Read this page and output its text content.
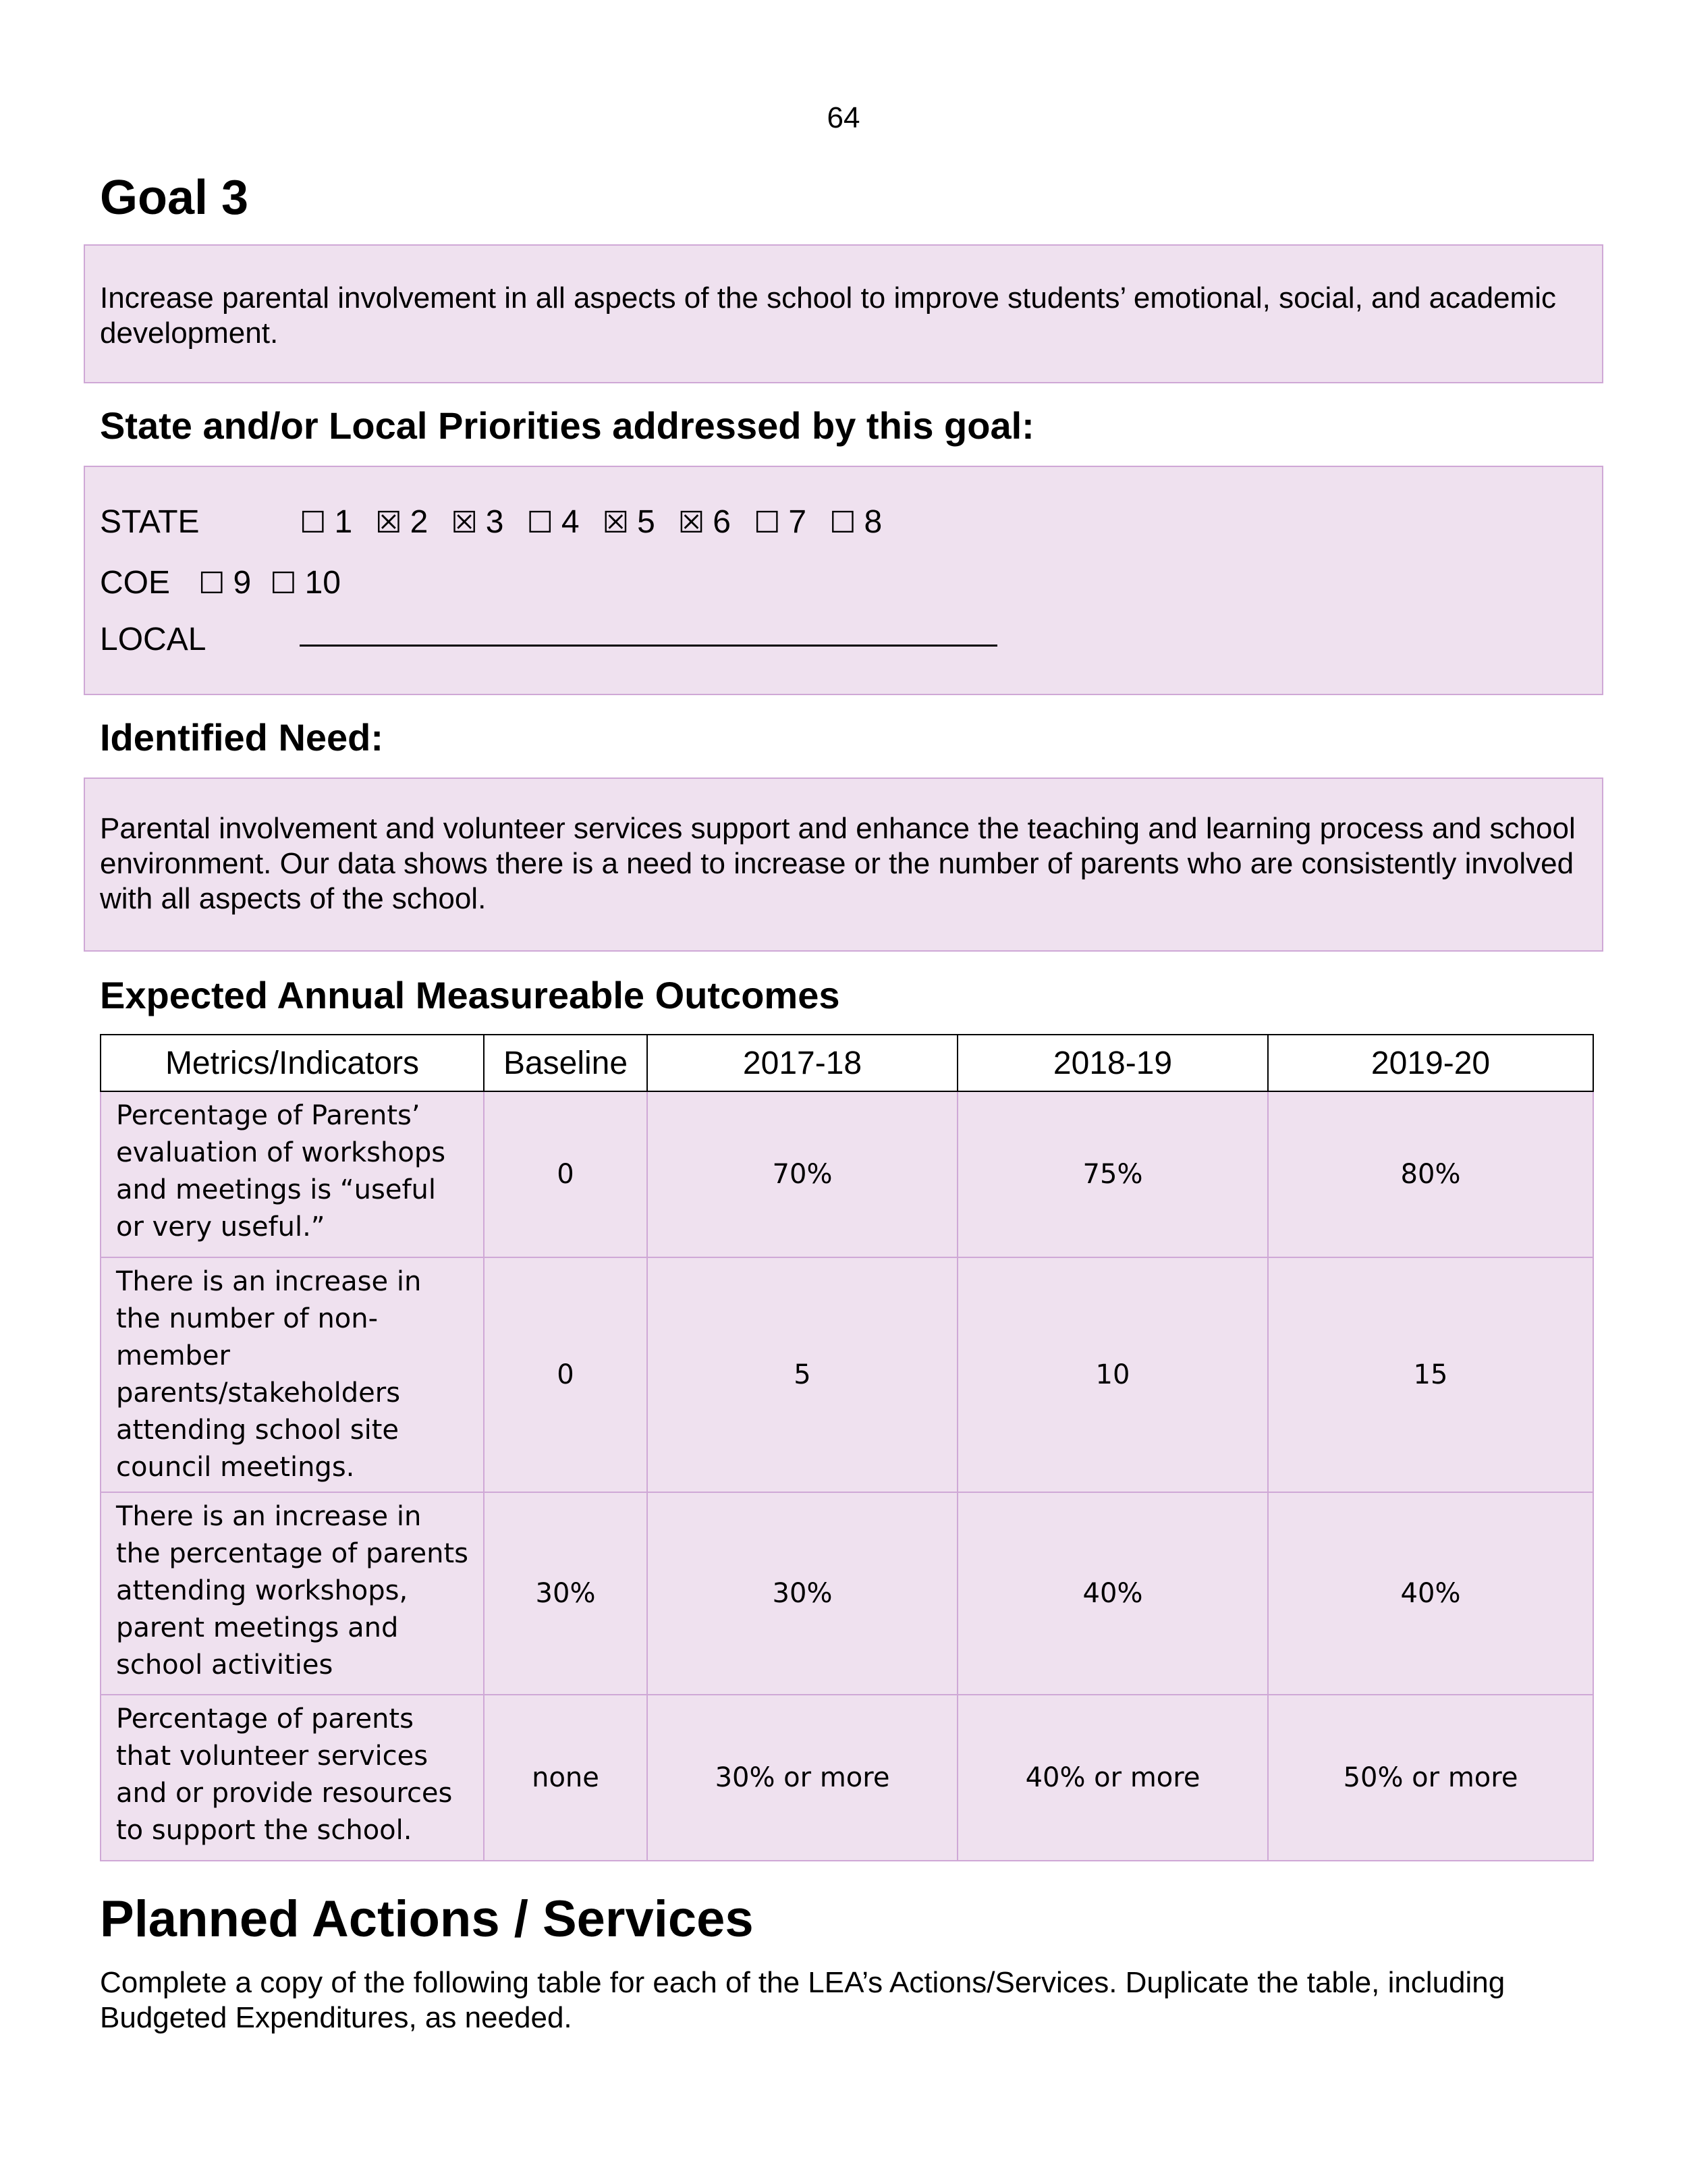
64
Goal 3
Increase parental involvement in all aspects of the school to improve students’ emotional, social, and academic development.
State and/or Local Priorities addressed by this goal:
STATE	☐ 1 ☒ 2 ☒ 3 ☐ 4 ☒ 5 ☒ 6 ☐ 7 ☐ 8
COE ☐ 9 ☐ 10
LOCAL
Identified Need:
Parental involvement and volunteer services support and enhance the teaching and learning process and school environment. Our data shows there is a need to increase or the number of parents who are consistently involved with all aspects of the school.
Expected Annual Measureable Outcomes
Metrics/Indicators	Baseline	2017-18	2018-19	2019-20
Percentage of Parents’ evaluation of workshops and meetings is “useful or very useful.”	0	70%	75%	80%
There is an increase in the number of non-member parents/stakeholders attending school site council meetings.	0	5	10	15
There is an increase in the percentage of parents attending workshops, parent meetings and school activities	30%	30%	40%	40%
Percentage of parents that volunteer services and or provide resources to support the school.	none	30% or more	40% or more	50% or more
Planned Actions / Services
Complete a copy of the following table for each of the LEA’s Actions/Services. Duplicate the table, including Budgeted Expenditures, as needed.
